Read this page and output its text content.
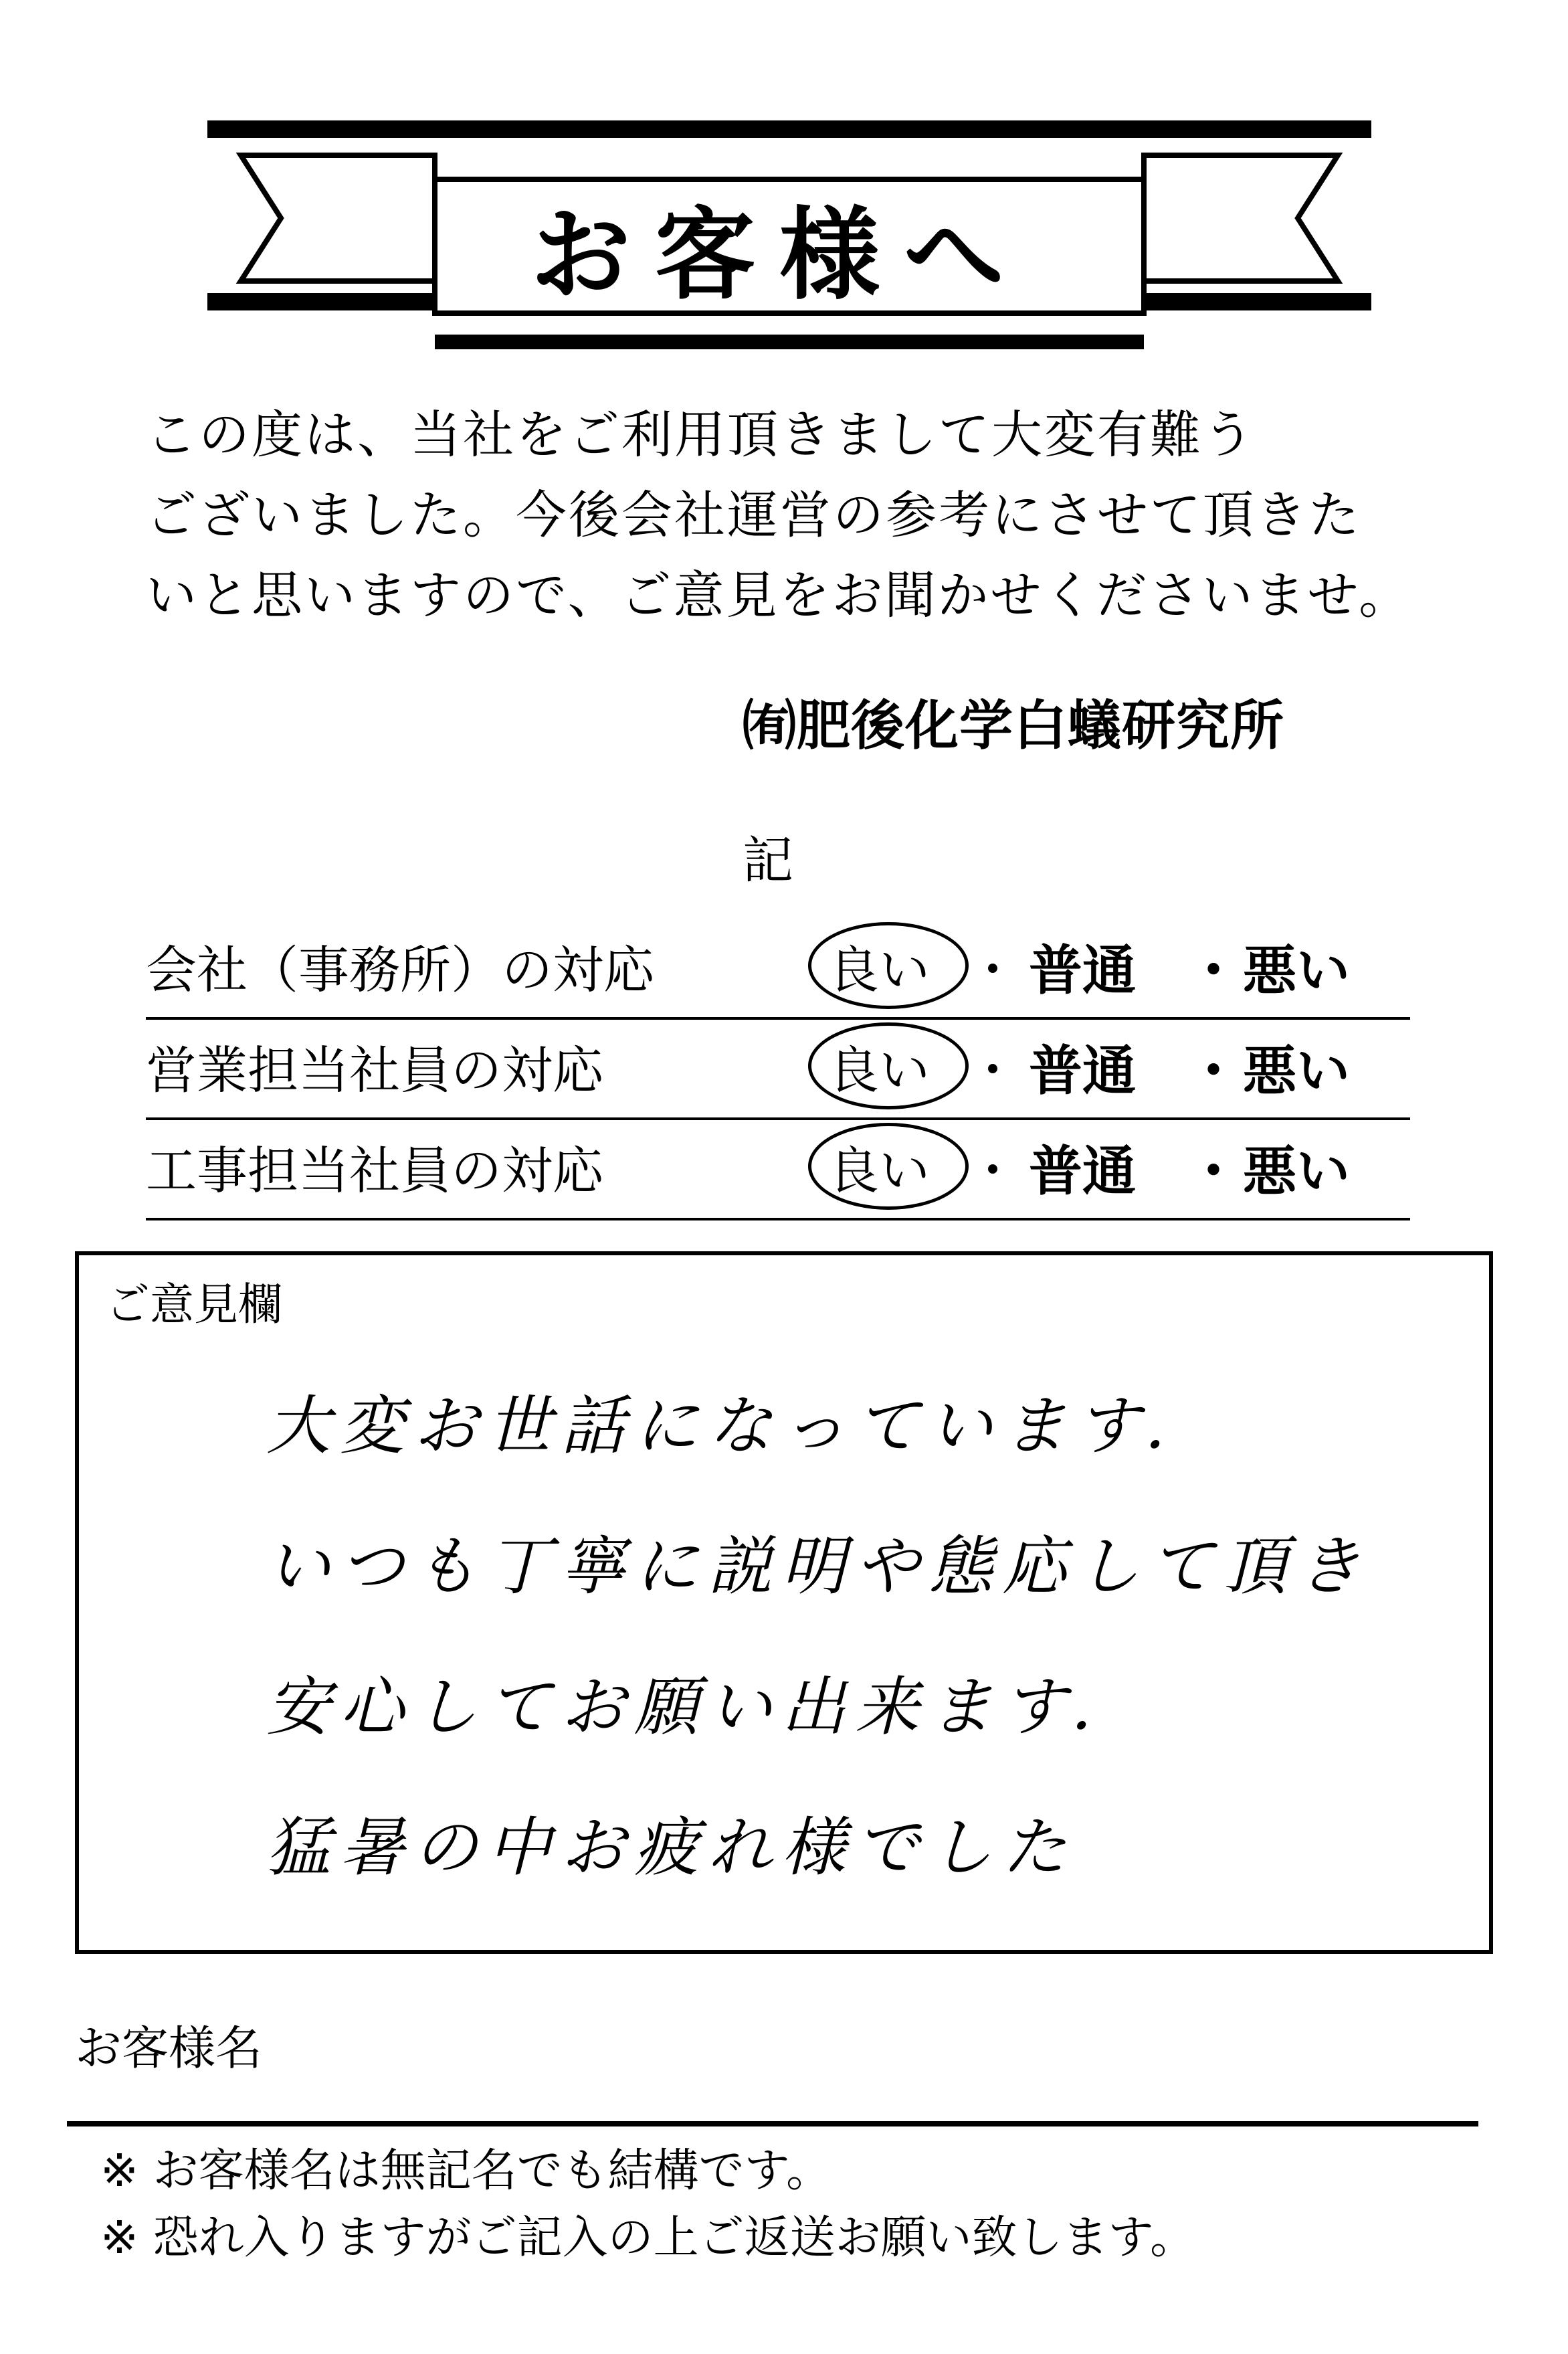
お客様へ
この度は、当社をご利用頂きまして大変有難う
ございました。今後会社運営の参考にさせて頂きた
いと思いますので、ご意見をお聞かせくださいませ。
㈲肥後化学白蟻研究所
記
会社（事務所）の対応	良い ・ 普通 ・ 悪い
営業担当社員の対応	良い ・ 普通 ・ 悪い
工事担当社員の対応	良い ・ 普通 ・ 悪い
ご意見欄
大変お世話になっています．
いつも丁寧に説明や態応して頂き
安心してお願い出来ます．
猛暑の中お疲れ様でした
お客様名
※ お客様名は無記名でも結構です。
※ 恐れ入りますがご記入の上ご返送お願い致します。
